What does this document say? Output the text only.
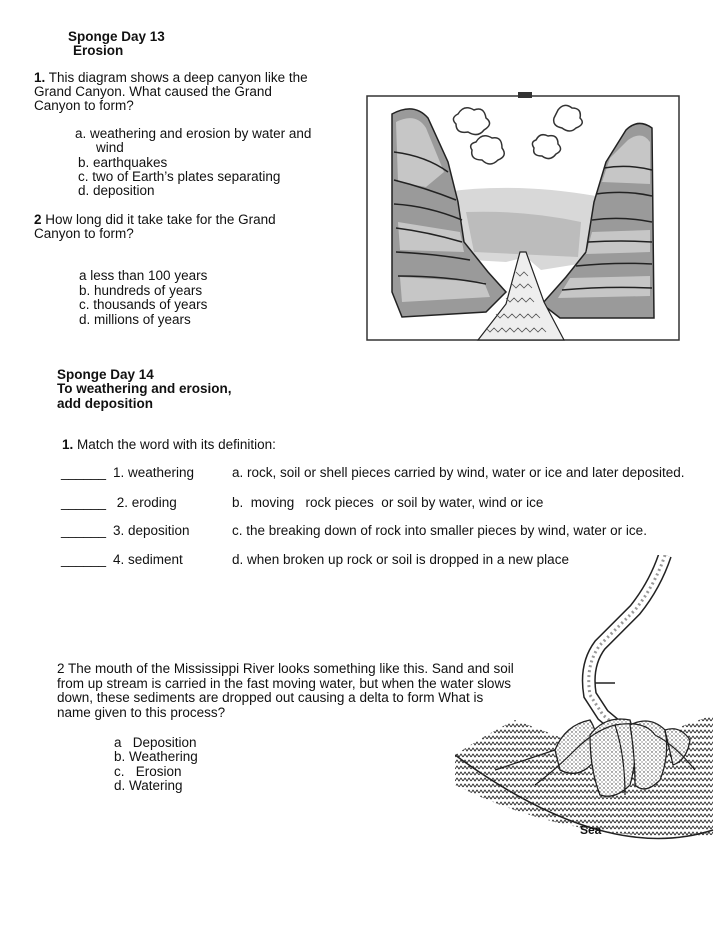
Sponge Day 13
Erosion
1. This diagram shows a deep canyon like the
Grand Canyon. What caused the Grand
Canyon to form?
a. weathering and erosion by water and
wind
b. earthquakes
c. two of Earth’s plates separating
d. deposition
2 How long did it take take for the Grand
Canyon to form?
a less than 100 years
b. hundreds of years
c. thousands of years
d. millions of years
Sponge Day 14
To weathering and erosion,
add deposition
1. Match the word with its definition:
______ 1. weathering	a. rock, soil or shell pieces carried by wind, water or ice and later deposited.
______ 2. eroding	b.  moving   rock pieces  or soil by water, wind or ice
______ 3. deposition	c. the breaking down of rock into smaller pieces by wind, water or ice.
______ 4. sediment	d. when broken up rock or soil is dropped in a new place
2 The mouth of the Mississippi River looks something like this. Sand and soil
from up stream is carried in the fast moving water, but when the water slows
down, these sediments are dropped out causing a delta to form What is
name given to this process?
a   Deposition
b. Weathering
c.   Erosion
d. Watering
Sea
